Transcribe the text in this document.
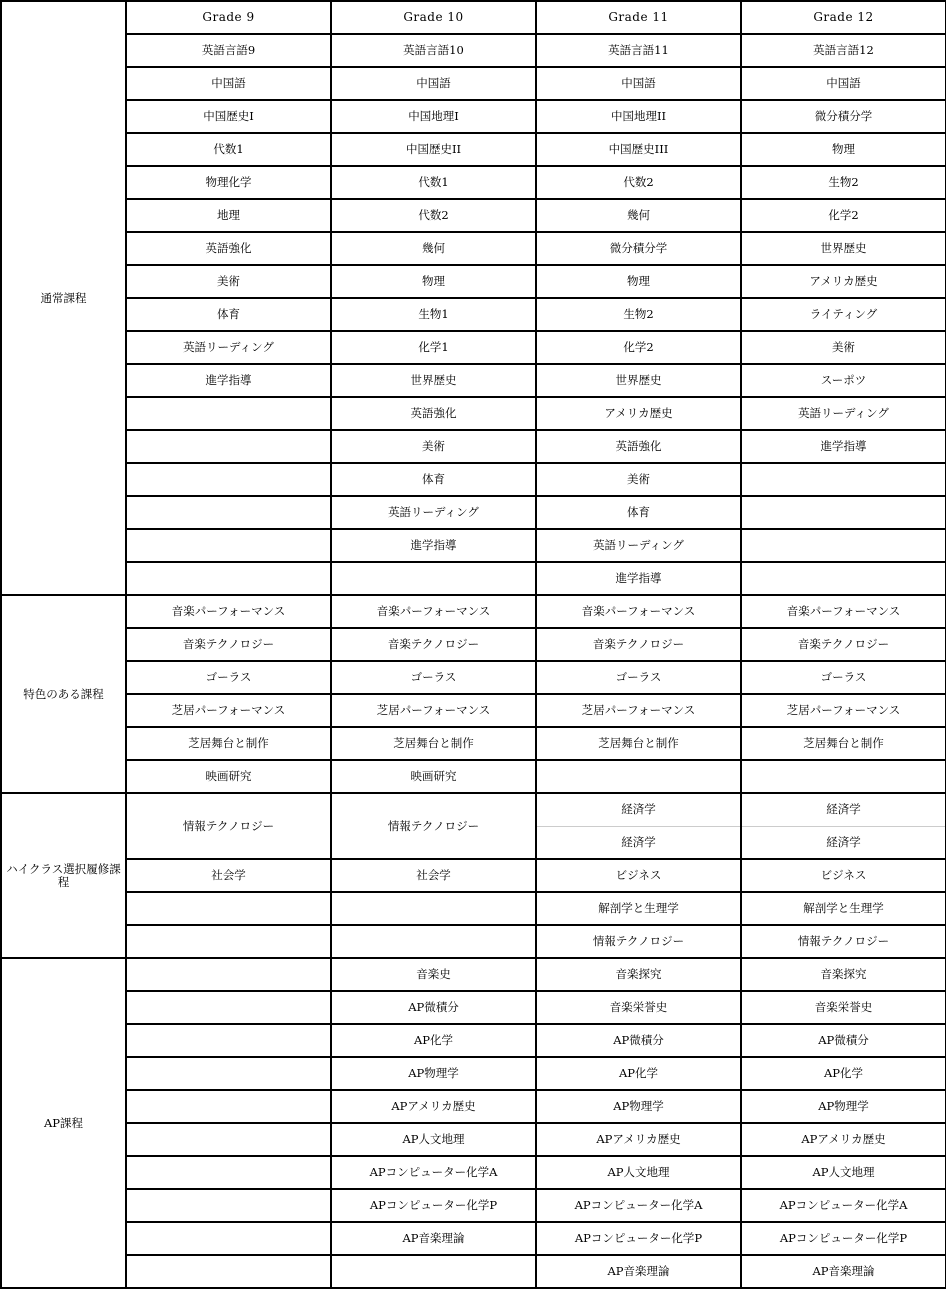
通常課程	Grade 9	Grade 10	Grade 11	Grade 12
	英語言語9	英語言語10	英語言語11	英語言語12
	中国語	中国語	中国語	中国語
	中国歴史I	中国地理I	中国地理II	微分積分学
	代数1	中国歴史II	中国歴史III	物理
	物理化学	代数1	代数2	生物2
	地理	代数2	幾何	化学2
	英語強化	幾何	微分積分学	世界歴史
	美術	物理	物理	アメリカ歴史
	体育	生物1	生物2	ライティング
	英語リーディング	化学1	化学2	美術
	進学指導	世界歴史	世界歴史	スーポツ
		英語強化	アメリカ歴史	英語リーディング
		美術	英語強化	進学指導
		体育	美術	
		英語リーディング	体育	
		進学指導	英語リーディング	
			進学指導	
特色のある課程	音楽パーフォーマンス	音楽パーフォーマンス	音楽パーフォーマンス	音楽パーフォーマンス
	音楽テクノロジー	音楽テクノロジー	音楽テクノロジー	音楽テクノロジー
	ゴーラス	ゴーラス	ゴーラス	ゴーラス
	芝居パーフォーマンス	芝居パーフォーマンス	芝居パーフォーマンス	芝居パーフォーマンス
	芝居舞台と制作	芝居舞台と制作	芝居舞台と制作	芝居舞台と制作
	映画研究	映画研究		
ハイクラス選択履修課程	情報テクノロジー	情報テクノロジー	経済学	経済学
			経済学	経済学
	社会学	社会学	ビジネス	ビジネス
			解剖学と生理学	解剖学と生理学
			情報テクノロジー	情報テクノロジー
AP課程		音楽史	音楽探究	音楽探究
		AP微積分	音楽栄誉史	音楽栄誉史
		AP化学	AP微積分	AP微積分
		AP物理学	AP化学	AP化学
		APアメリカ歴史	AP物理学	AP物理学
		AP人文地理	APアメリカ歴史	APアメリカ歴史
		APコンピューター化学A	AP人文地理	AP人文地理
		APコンピューター化学P	APコンピューター化学A	APコンピューター化学A
		AP音楽理論	APコンピューター化学P	APコンピューター化学P
			AP音楽理論	AP音楽理論
